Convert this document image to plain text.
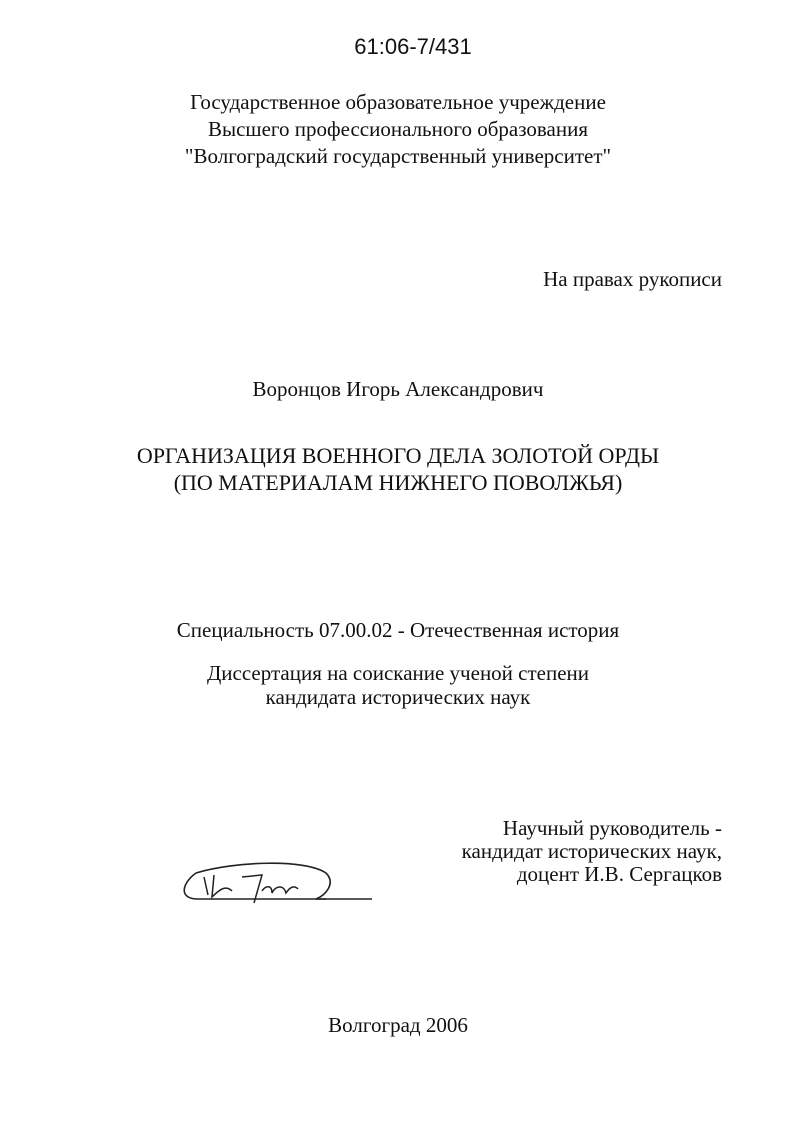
61:06-7/431
Государственное образовательное учреждение
Высшего профессионального образования
"Волгоградский государственный университет"
На правах рукописи
Воронцов Игорь Александрович
ОРГАНИЗАЦИЯ ВОЕННОГО ДЕЛА ЗОЛОТОЙ ОРДЫ
(ПО МАТЕРИАЛАМ НИЖНЕГО ПОВОЛЖЬЯ)
Специальность 07.00.02 - Отечественная история
Диссертация на соискание ученой степени
кандидата исторических наук
Научный руководитель -
кандидат исторических наук,
доцент И.В. Сергацков
Волгоград 2006
